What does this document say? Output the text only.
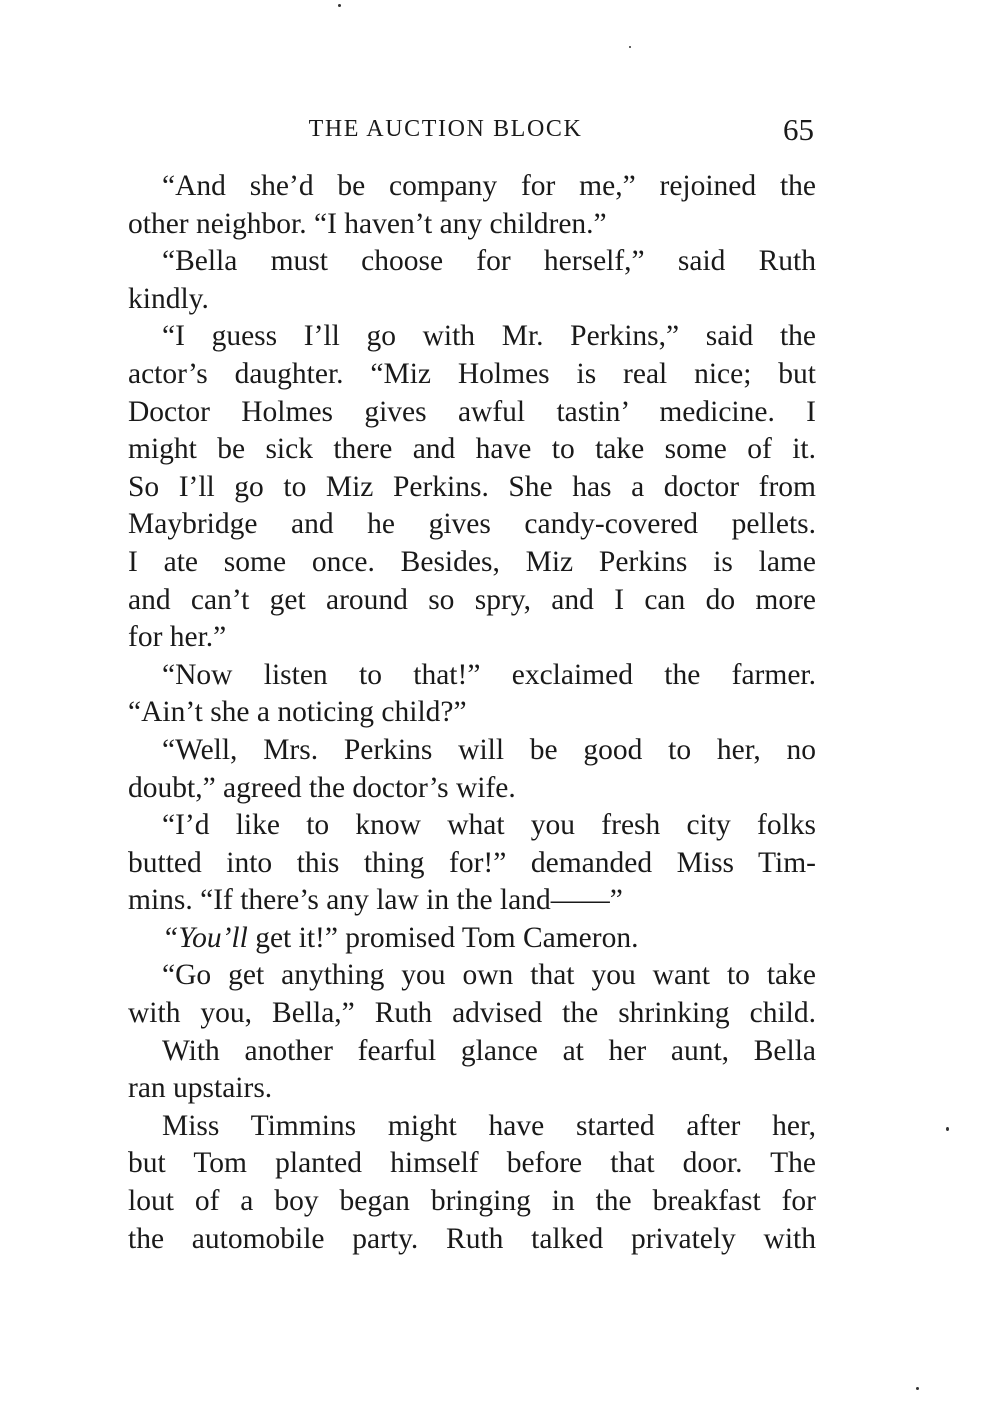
THE AUCTION BLOCK	65
“And she’d be company for me,” rejoined the
other neighbor. “I haven’t any children.”
“Bella must choose for herself,” said Ruth
kindly.
“I guess I’ll go with Mr. Perkins,” said the
actor’s daughter. “Miz Holmes is real nice; but
Doctor Holmes gives awful tastin’ medicine. I
might be sick there and have to take some of it.
So I’ll go to Miz Perkins. She has a doctor from
Maybridge and he gives candy-covered pellets.
I ate some once. Besides, Miz Perkins is lame
and can’t get around so spry, and I can do more
for her.”
“Now listen to that!” exclaimed the farmer.
“Ain’t she a noticing child?”
“Well, Mrs. Perkins will be good to her, no
doubt,” agreed the doctor’s wife.
“I’d like to know what you fresh city folks
butted into this thing for!” demanded Miss Tim-
mins. “If there’s any law in the land——”
“You’ll get it!” promised Tom Cameron.
“Go get anything you own that you want to take
with you, Bella,” Ruth advised the shrinking child.
With another fearful glance at her aunt, Bella
ran upstairs.
Miss Timmins might have started after her,
but Tom planted himself before that door. The
lout of a boy began bringing in the breakfast for
the automobile party. Ruth talked privately with
